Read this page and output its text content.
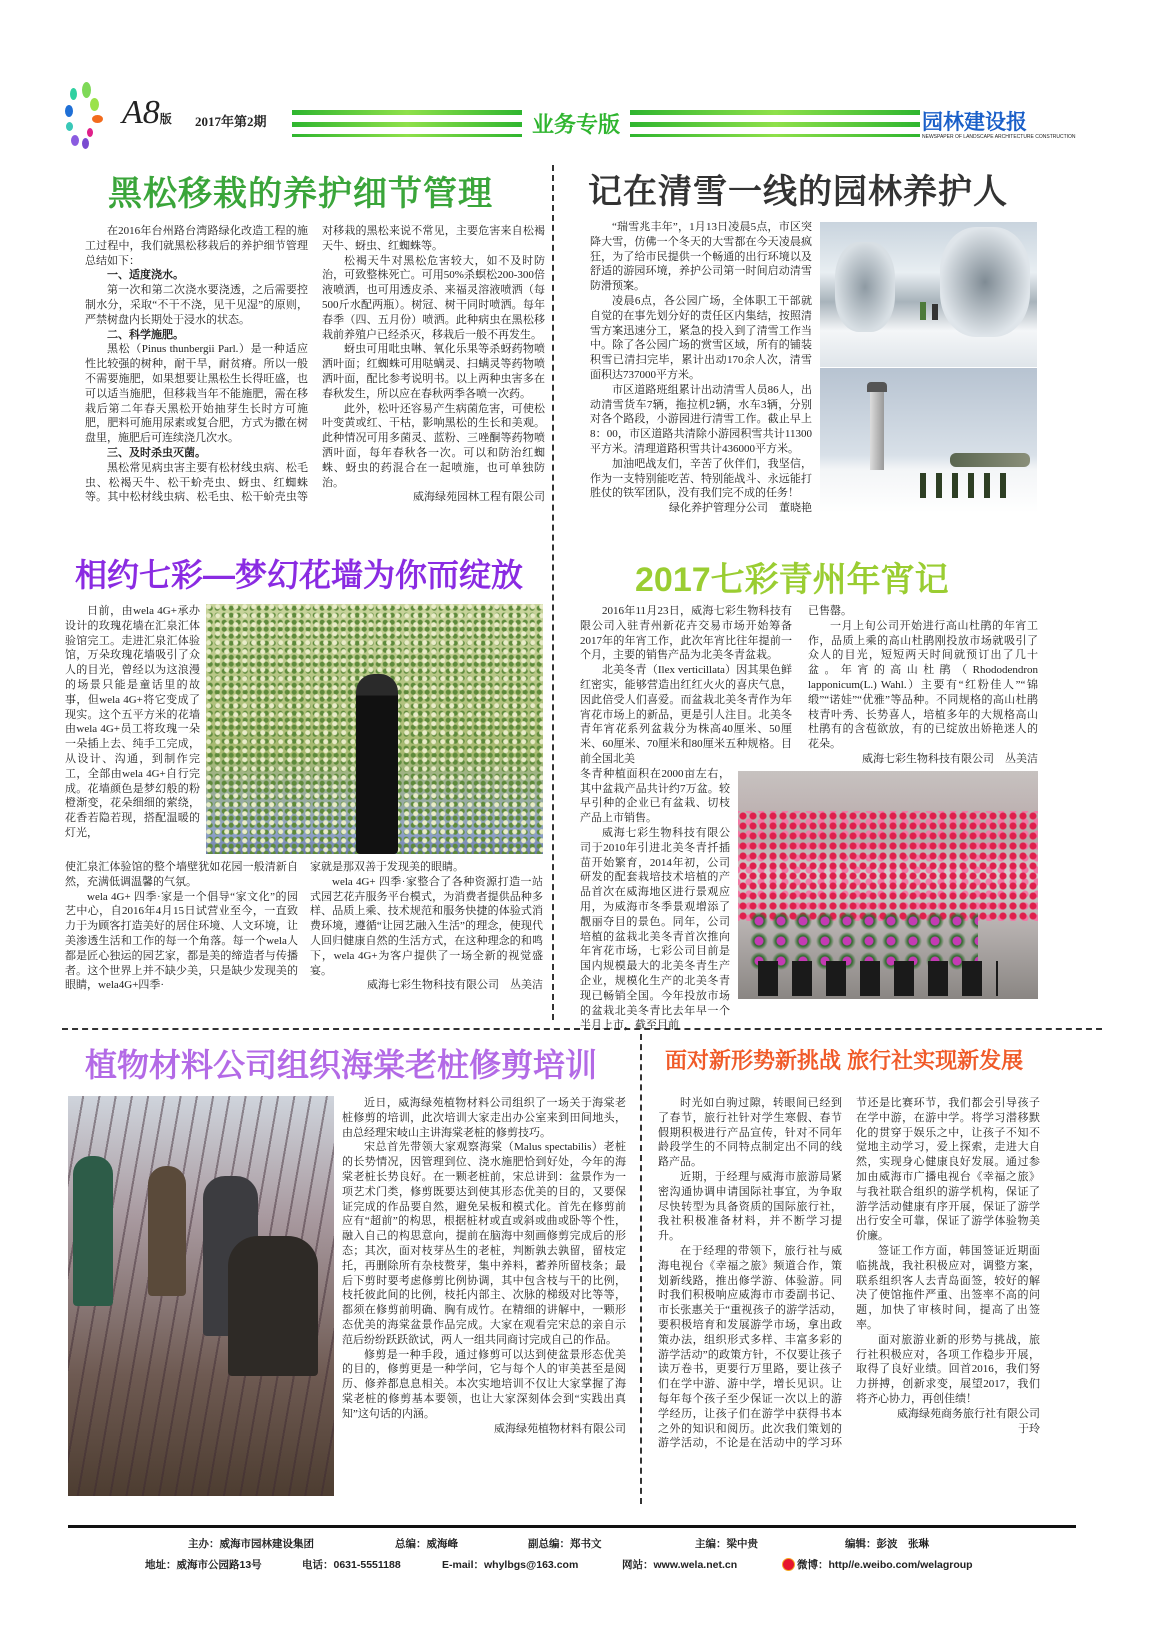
A8版 2017年第2期	业务专版	园林建设报
NEWSPAPER OF LANDSCAPE ARCHITECTURE CONSTRUCTION
黑松移栽的养护细节管理

在2016年台州路台湾路绿化改造工程的施工过程中，我们就黑松移栽后的养护细节管理总结如下：

一、适度浇水。

第一次和第二次浇水要浇透，之后需要控制水分，采取“不干不浇，见干见湿”的原则，严禁树盘内长期处于浸水的状态。

二、科学施肥。

黑松（Pinus thunbergii Parl.）是一种适应性比较强的树种，耐干旱，耐贫瘠。所以一般不需要施肥，如果想要让黑松生长得旺盛，也可以适当施肥，但移栽当年不能施肥，需在移栽后第二年春天黑松开始抽芽生长时方可施肥，肥料可施用尿素或复合肥，方式为撒在树盘里，施肥后可连续浇几次水。

三、及时杀虫灭菌。

黑松常见病虫害主要有松材线虫病、松毛虫、松褐天牛、松干蚧壳虫、蚜虫、红蜘蛛等。其中松材线虫病、松毛虫、松干蚧壳虫等对移栽的黑松来说不常见，主要危害来自松褐天牛、蚜虫、红蜘蛛等。

松褐天牛对黑松危害较大，如不及时防治，可致整株死亡。可用50%杀螟松200-300倍液喷洒，也可用透皮杀、来福灵溶液喷洒（每500斤水配两瓶）。树冠、树干同时喷洒。每年春季（四、五月份）喷洒。此种病虫在黑松移栽前养殖户已经杀灭，移栽后一般不再发生。

蚜虫可用吡虫啉、氧化乐果等杀蚜药物喷洒叶面；红蜘蛛可用哒螨灵、扫螨灵等药物喷洒叶面，配比参考说明书。以上两种虫害多在春秋发生，所以应在春秋两季各喷一次药。

此外，松叶还容易产生病菌危害，可使松叶变黄或红、干枯，影响黑松的生长和美观。此种情况可用多菌灵、蓝粉、三唑酮等药物喷洒叶面，每年春秋各一次。可以和防治红蜘蛛、蚜虫的药混合在一起喷施，也可单独防治。

威海绿苑园林工程有限公司
记在清雪一线的园林养护人

“瑞雪兆丰年”，1月13日凌晨5点，市区突降大雪，仿佛一个冬天的大雪都在今天凌晨疯狂，为了给市民提供一个畅通的出行环境以及舒适的游园环境，养护公司第一时间启动清雪防滑预案。

凌晨6点，各公园广场，全体职工干部就自觉的在事先划分好的责任区内集结，按照清雪方案迅速分工，紧急的投入到了清雪工作当中。除了各公园广场的赏雪区域，所有的铺装积雪已清扫完毕，累计出动170余人次，清雪面积达737000平方米。

市区道路班组累计出动清雪人员86人，出动清雪货车7辆，拖拉机2辆，水车3辆，分别对各个路段，小游园进行清雪工作。截止早上8：00，市区道路共清除小游园积雪共计11300平方米。清理道路积雪共计436000平方米。

加油吧战友们，辛苦了伙伴们，我坚信，作为一支特别能吃苦、特别能战斗、永远能打胜仗的铁军团队，没有我们完不成的任务！

绿化养护管理分公司　董晓艳
相约七彩—梦幻花墙为你而绽放

日前，由wela 4G+承办设计的玫瑰花墙在汇泉汇体验馆完工。走进汇泉汇体验馆，万朵玫瑰花墙吸引了众人的目光，曾经以为这浪漫的场景只能是童话里的故事，但wela 4G+将它变成了现实。这个五平方米的花墙由wela 4G+员工将玫瑰一朵一朵插上去、纯手工完成，从设计、沟通，到制作完工，全部由wela 4G+自行完成。花墙颜色是梦幻般的粉橙渐变，花朵细细的萦绕，花香若隐若现，搭配温暖的灯光，

使汇泉汇体验馆的整个墙壁犹如花园一般清新自然，充满低调温馨的气氛。

wela 4G+ 四季·家是一个倡导“家文化”的园艺中心，自2016年4月15日试营业至今，一直致力于为顾客打造美好的居住环境、人文环境，让美渗透生活和工作的每一个角落。每一个wela人都是匠心独运的园艺家，都是美的缔造者与传播者。这个世界上并不缺少美，只是缺少发现美的眼睛，wela4G+四季·

家就是那双善于发现美的眼睛。

wela 4G+ 四季·家整合了各种资源打造一站式园艺花卉服务平台模式，为消费者提供品种多样、品质上乘、技术规范和服务快捷的体验式消费环境，遵循“让园艺融入生活”的理念，使现代人回归健康自然的生活方式，在这种理念的和鸣下，wela 4G+为客户提供了一场全新的视觉盛宴。

威海七彩生物科技有限公司　丛美洁
2017七彩青州年宵记

2016年11月23日，威海七彩生物科技有限公司入驻青州新花卉交易市场开始筹备2017年的年宵工作，此次年宵比往年提前一个月，主要的销售产品为北美冬青盆栽。

北美冬青（Ilex verticillata）因其果色鲜红密实，能够营造出红红火火的喜庆气息，因此倍受人们喜爱。而盆栽北美冬青作为年宵花市场上的新品，更是引人注目。北美冬青年宵花系列盆栽分为株高40厘米、50厘米、60厘米、70厘米和80厘米五种规格。目前全国北美

已售罄。

一月上旬公司开始进行高山杜鹃的年宵工作，品质上乘的高山杜鹃刚投放市场就吸引了众人的目光，短短两天时间就预订出了几十盆。年宵的高山杜鹃（Rhododendron lapponicum(L.) Wahl.）主要有“红粉佳人”“锦缎”“诺娃”“优雅”等品种。不同规格的高山杜鹃枝青叶秀、长势喜人，培植多年的大规格高山杜鹃有的含苞欲放，有的已绽放出娇艳迷人的花朵。

威海七彩生物科技有限公司　丛美洁

冬青种植面积在2000亩左右，其中盆栽产品共计约7万盆。较早引种的企业已有盆栽、切枝产品上市销售。

威海七彩生物科技有限公司于2010年引进北美冬青扦插苗开始繁育，2014年初，公司研发的配套栽培技术培植的产品首次在威海地区进行景观应用，为威海市冬季景观增添了靓丽夺目的景色。同年，公司培植的盆栽北美冬青首次推向年宵花市场，七彩公司目前是国内规模最大的北美冬青生产企业，规模化生产的北美冬青现已畅销全国。今年投放市场的盆栽北美冬青比去年早一个半月上市，截至目前

植物材料公司组织海棠老桩修剪培训

近日，威海绿苑植物材料公司组织了一场关于海棠老桩修剪的培训，此次培训大家走出办公室来到田间地头，由总经理宋岐山主讲海棠老桩的修剪技巧。

宋总首先带领大家观察海棠（Malus spectabilis）老桩的长势情况，因管理到位、浇水施肥恰到好处，今年的海棠老桩长势良好。在一颗老桩前，宋总讲到：盆景作为一项艺术门类，修剪既要达到使其形态优美的目的，又要保证完成的作品要自然，避免呆板和模式化。首先在修剪前应有“超前”的构思，根据桩材或直或斜或曲或卧等个性，融入自己的构思意向，提前在脑海中刻画修剪完成后的形态；其次，面对枝芽丛生的老桩，判断孰去孰留，留枝定托，再删除所有杂枝赘芽，集中养料，蓄养所留枝条；最后下剪时要考虑修剪比例协调，其中包含枝与干的比例，枝托彼此间的比例，枝托内部主、次脉的梯级对比等等，都须在修剪前明确、胸有成竹。在精细的讲解中，一颗形态优美的海棠盆景作品完成。大家在观看完宋总的亲自示范后纷纷跃跃欲试，两人一组共同商讨完成自己的作品。

修剪是一种手段，通过修剪可以达到使盆景形态优美的目的，修剪更是一种学问，它与每个人的审美甚至是阅历、修养都息息相关。本次实地培训不仅让大家掌握了海棠老桩的修剪基本要领，也让大家深刻体会到“实践出真知”这句话的内涵。

威海绿苑植物材料有限公司
面对新形势新挑战 旅行社实现新发展

时光如白驹过隙，转眼间已经到了春节，旅行社针对学生寒假、春节假期积极进行产品宣传，针对不同年龄段学生的不同特点制定出不同的线路产品。

近期，于经理与威海市旅游局紧密沟通协调申请国际社事宜，为争取尽快转型为具备资质的国际旅行社，我社积极准备材料，并不断学习提升。

在于经理的带领下，旅行社与威海电视台《幸福之旅》频道合作，策划新线路，推出修学游、体验游。同时我们积极响应威海市市委副书记、市长张惠关于“重视孩子的游学活动，要积极培育和发展游学市场，拿出政策办法，组织形式多样、丰富多彩的游学活动”的政策方针，不仅要让孩子读万卷书，更要行万里路，要让孩子们在学中游、游中学，增长见识。让每年每个孩子至少保证一次以上的游学经历，让孩子们在游学中获得书本之外的知识和阅历。此次我们策划的游学活动，不论是在活动中的学习环节还是比赛环节，我们都会引导孩子在学中游，在游中学。将学习潜移默化的贯穿于娱乐之中，让孩子不知不觉地主动学习，爱上探索，走进大自然，实现身心健康良好发展。通过参加由威海市广播电视台《幸福之旅》与我社联合组织的游学机构，保证了游学活动健康有序开展，保证了游学出行安全可靠，保证了游学体验物美价廉。

签证工作方面，韩国签证近期面临挑战，我社积极应对，调整方案，联系组织客人去青岛面签，较好的解决了使馆拖件严重、出签率不高的问题，加快了审核时间，提高了出签率。

面对旅游业新的形势与挑战，旅行社积极应对，各项工作稳步开展，取得了良好业绩。回首2016，我们努力拼搏，创新求变，展望2017，我们将齐心协力，再创佳绩！

威海绿苑商务旅行社有限公司
于玲
主办：威海市园林建设集团	总编：威海峰	副总编：郑书文	主编：梁中贵	编辑：彭波　张琳
地址：威海市公园路13号	电话：0631-5551188	E-mail：whylbgs@163.com	网站：www.wela.net.cn	微博：http//e.weibo.com/welagroup
